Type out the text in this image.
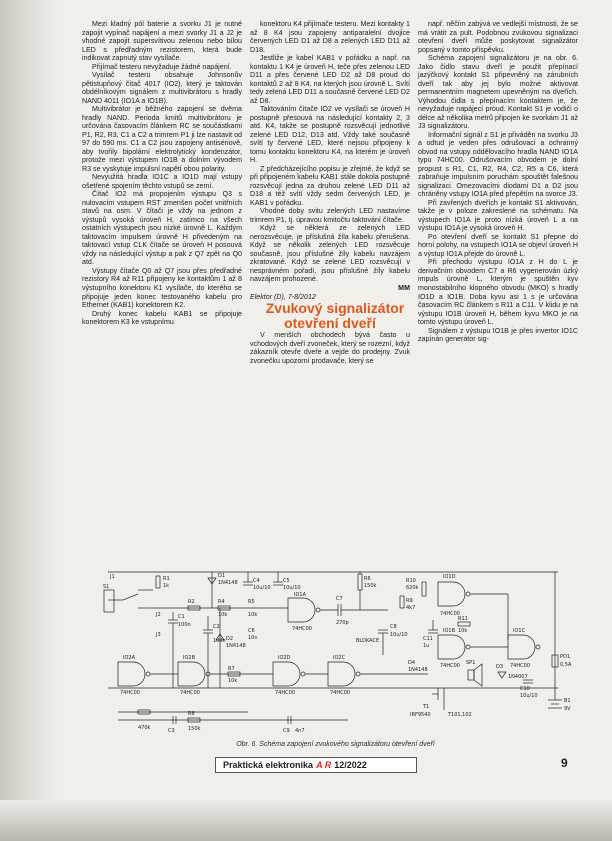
Mezi kladný pól baterie a svorku J1 je nutné zapojit vypínač napájení a mezi svorky J1 a J2 je vhodné zapojit supersvítivou zelenou nebo bílou LED s předřadným rezistorem, která bude indikovat zapnutý stav vysílače.

Přijímač testeru nevyžaduje žádné napájení.

Vysílač testeru obsahuje Johnsonův pětistupňový čítač 4017 (IO2), který je taktován obdélníkovým signálem z multivibrátoru s hradly NAND 4011 (IO1A a IO1B).

Multivibrátor je běžného zapojení se dvěma hradly NAND. Perioda kmitů multivibrátoru je určována časovacím článkem RC se součástkami P1, R2, R3, C1 a C2 a trimrem P1 ji lze nastavit od 97 do 590 ms. C1 a C2 jsou zapojeny antisériově, aby tvořily bipolární elektrolytický kondenzátor, protože mezi výstupem IO1B a dolním vývodem R3 se vyskytuje impulsní napětí obou polarity.

Nevyužitá hradla IO1C a IO1D mají vstupy ošetřené spojením těchto vstupů se zemí.

Čítač IO2 má propojením výstupu Q3 s nulovacím vstupem RST zmenšen počet vnitřních stavů na osm. V čítači je vždy na jednom z výstupů vysoká úroveň H, zatímco na všech ostatních výstupech jsou nízké úrovně L. Každým taktovacím impulsem úrovně H přivedeným na taktovací vstup CLK čítače se úroveň H posouvá vždy na následující výstup a pak z Q7 zpět na Q0 atd.

Výstupy čítače Q0 až Q7 jsou přes předřadné rezistory R4 až R11 připojeny ke kontaktům 1 až 8 výstupního konektoru K1 vysílače, do kterého se připojuje jeden konec testovaného kabelu pro Ethernet (KAB1) konektorem K2.

Druhý konec kabelu KAB1 se připojuje konektorem K3 ke vstupnímu

konektoru K4 přijímače testeru. Mezi kontakty 1 až 8 K4 jsou zapojeny antiparalelní dvojice červených LED D1 až D8 a zelených LED D11 až D18.

Jestliže je kabel KAB1 v pořádku a např. na kontaktu 1 K4 je úroveň H, teče přes zelenou LED D11 a přes červené LED D2 až D8 proud do kontaktů 2 až 8 K4, na kterých jsou úrovně L. Svítí tedy zelená LED D11 a současně červené LED D2 až D8.

Taktováním čítače IO2 ve vysílači se úroveň H postupně přesouvá na následující kontakty 2, 3 atd. K4, takže se postupně rozsvěcují jednotlivé zelené LED D12, D13 atd. Vždy také současně svítí ty červené LED, které nejsou připojeny k tomu kontaktu konektoru K4, na kterém je úroveň H.

Z předcházejícího popisu je zřejmé, že když se při připojeném kabelu KAB1 stále dokola postupně rozsvěcují jedna za druhou zelené LED D11 až D18 a též svítí vždy sedm červených LED, je KAB1 v pořádku.

Vhodné doby svitu zelených LED nastavíme trimrem P1, tj. úpravou kmitočtu taktování čítače.

Když se některá ze zelených LED nerozsvěcuje, je příslušná žíla kabelu přerušena. Když se několik zelených LED rozsvěcuje současně, jsou příslušné žíly kabelu navzájem zkratované. Když se zelené LED rozsvěcují v nesprávném pořadí, jsou příslušné žíly kabelu navzájem prohozené.

MM

Elektor (D), 7-8/2012

Zvukový signalizátor otevření dveří

V menších obchodech bývá často u vchodových dveří zvoneček, který se rozezní, když zákazník otevře dveře a vejde do prodejny. Zvuk zvonečku upozorní prodavače, který se

např. něčím zabývá ve vedlejší místnosti, že se má vrátit za pult. Podobnou zvukovou signalizaci otevření dveří může poskytovat signalizátor popsaný v tomto příspěvku.

Schéma zapojení signalizátoru je na obr. 6. Jako čidlo stavu dveří je použit přepínací jazýčkový kontakt S1 připevněný na zárubních dveří tak aby jej bylo možné aktivovat permanentním magnetem upevněným na dveřích. Výhodou čidla s přepínacím kontaktem je, že nevyžaduje napájecí proud. Kontakt S1 je vodiči o délce až několika metrů připojen ke svorkám J1 až J3 signalizátoru.

Informační signál z S1 je přiváděn na svorku J3 a odtud je veden přes odrušovací a ochranný obvod na vstupy oddělovacího hradla NAND IO1A typu 74HC00. Odrušovacím obvodem je dolní propust s R1, C1, R2, R4, C2, R5 a C6, která zabraňuje impulsním poruchám spouštět falešnou signalizaci. Omezovacími diodami D1 a D2 jsou chráněny vstupy IO1A před přepětím na svorce J3.

Při zavřených dveřích je kontakt S1 aktivován, takže je v poloze zakreslené na schématu. Na výstupech IO1A je proto nízká úroveň L a na výstupu IO1A je vysoká úroveň H.

Po otevření dveří se kontakt S1 přepne do horní polohy, na vstupech IO1A se objeví úroveň H a výstup IO1A přejde do úrovně L.

Při přechodu výstupu IO1A z H do L je derivačním obvodem C7 a R6 vygenerován úzký impuls úrovně L, kterým je spuštěn kyv monostabilního klopného obvodu (MKO) s hradly IO1D a IO1B. Doba kyvu asi 1 s je určována časovacím RC článkem s R11 a C11. V klidu je na výstupu IO1B úroveň H, během kyvu MKO je na tomto výstupu úroveň L.

Signálem z výstupu IO1B je přes invertor IO1C zapínán generátor sig-

S1
J1
J2
J3
R1
1k
R2	R4
10k
R5
10k
C1
100n	C2
100n
D1
1N4148
D2
1N4148
C4
10u/10
C5
10u/10
C6
10n
IO1A
74HC00
C7
270p
R6
150k
BLOKACE
C8
10u/10
R9
4k7
R10
620k
IO1D
74HC00
C11
1u
R11
10k
IO1B
74HC00
IO1C
74HC00
IO2A
74HC00
IO2B
74HC00
R7
10k
IO2D
74HC00
IO2C
74HC00
470k
R8
150k
C3	C9 4n7
D4
1N4148
T1
IRF9540	T101,102
SP1
D3
1N4007
C10
10u/10
PO1
0,5A
B1
9V
Obr. 6. Schéma zapojení zvukového signalizátoru otevření dveří
Praktická elektronika A R 12/2022	9
